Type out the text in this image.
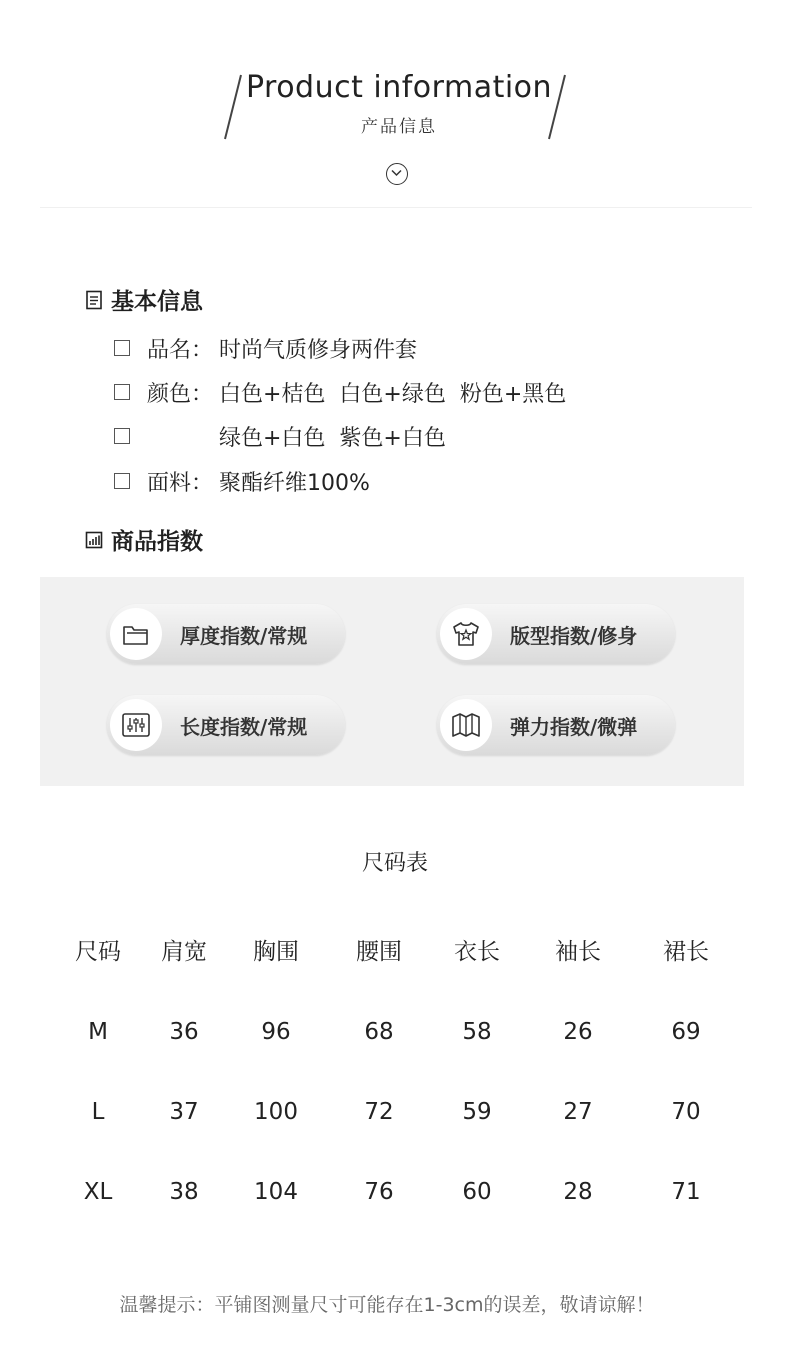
Product information
产品信息
基本信息
品名： 时尚气质修身两件套
颜色： 白色+桔色  白色+绿色  粉色+黑色
绿色+白色  紫色+白色
面料： 聚酯纤维100%
商品指数
厚度指数/常规	版型指数/修身
长度指数/常规	弹力指数/微弹
尺码表
尺码	肩宽	胸围	腰围	衣长	袖长	裙长
M	36	96	68	58	26	69
L	37	100	72	59	27	70
XL	38	104	76	60	28	71
温馨提示：平铺图测量尺寸可能存在1-3cm的误差，敬请谅解！
